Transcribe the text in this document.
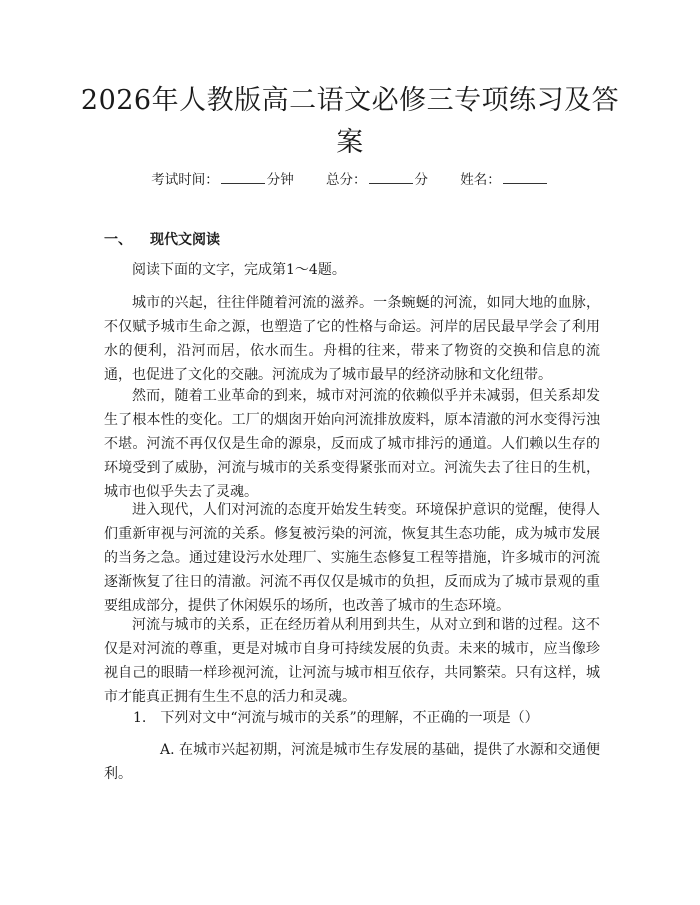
2026年人教版高二语文必修三专项练习及答案
考试时间：	分钟 总分：	分 姓名：
一、 现代文阅读

阅读下面的文字，完成第1～4题。

城市的兴起，往往伴随着河流的滋养。一条蜿蜒的河流，如同大地的血脉，不仅赋予城市生命之源，也塑造了它的性格与命运。河岸的居民最早学会了利用水的便利，沿河而居，依水而生。舟楫的往来，带来了物资的交换和信息的流通，也促进了文化的交融。河流成为了城市最早的经济动脉和文化纽带。

然而，随着工业革命的到来，城市对河流的依赖似乎并未减弱，但关系却发生了根本性的变化。工厂的烟囱开始向河流排放废料，原本清澈的河水变得污浊不堪。河流不再仅仅是生命的源泉，反而成了城市排污的通道。人们赖以生存的环境受到了威胁，河流与城市的关系变得紧张而对立。河流失去了往日的生机，城市也似乎失去了灵魂。

进入现代，人们对河流的态度开始发生转变。环境保护意识的觉醒，使得人们重新审视与河流的关系。修复被污染的河流，恢复其生态功能，成为城市发展的当务之急。通过建设污水处理厂、实施生态修复工程等措施，许多城市的河流逐渐恢复了往日的清澈。河流不再仅仅是城市的负担，反而成为了城市景观的重要组成部分，提供了休闲娱乐的场所，也改善了城市的生态环境。

河流与城市的关系，正在经历着从利用到共生，从对立到和谐的过程。这不仅是对河流的尊重，更是对城市自身可持续发展的负责。未来的城市，应当像珍视自己的眼睛一样珍视河流，让河流与城市相互依存，共同繁荣。只有这样，城市才能真正拥有生生不息的活力和灵魂。

1. 下列对文中“河流与城市的关系”的理解，不正确的一项是（）

A. 在城市兴起初期，河流是城市生存发展的基础，提供了水源和交通便利。
